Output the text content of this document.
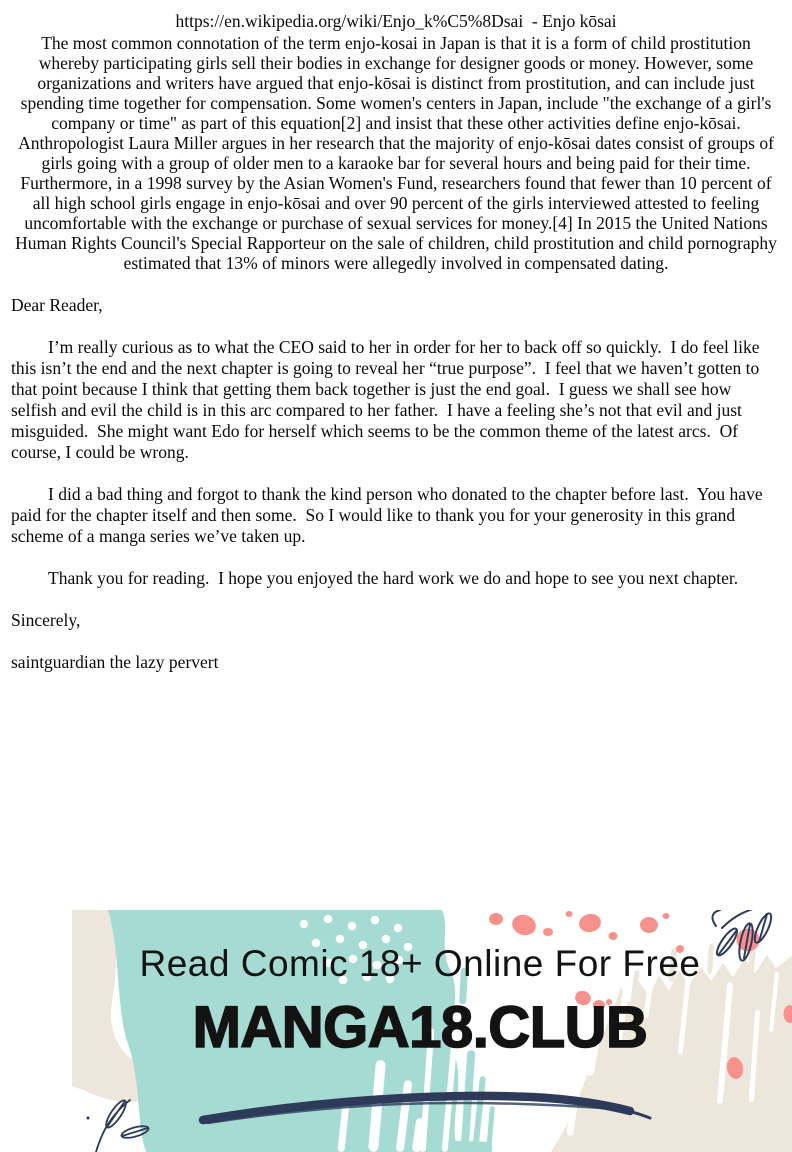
https://en.wikipedia.org/wiki/Enjo_k%C5%8Dsai  - Enjo kōsai

The most common connotation of the term enjo-kosai in Japan is that it is a form of child prostitution whereby participating girls sell their bodies in exchange for designer goods or money. However, some organizations and writers have argued that enjo-kōsai is distinct from prostitution, and can include just spending time together for compensation. Some women's centers in Japan, include "the exchange of a girl's company or time" as part of this equation[2] and insist that these other activities define enjo-kōsai. Anthropologist Laura Miller argues in her research that the majority of enjo-kōsai dates consist of groups of girls going with a group of older men to a karaoke bar for several hours and being paid for their time. Furthermore, in a 1998 survey by the Asian Women's Fund, researchers found that fewer than 10 percent of all high school girls engage in enjo-kōsai and over 90 percent of the girls interviewed attested to feeling uncomfortable with the exchange or purchase of sexual services for money.[4] In 2015 the United Nations Human Rights Council's Special Rapporteur on the sale of children, child prostitution and child pornography estimated that 13% of minors were allegedly involved in compensated dating.

Dear Reader,

I’m really curious as to what the CEO said to her in order for her to back off so quickly.  I do feel like this isn’t the end and the next chapter is going to reveal her “true purpose”.  I feel that we haven’t gotten to that point because I think that getting them back together is just the end goal.  I guess we shall see how selfish and evil the child is in this arc compared to her father.  I have a feeling she’s not that evil and just misguided.  She might want Edo for herself which seems to be the common theme of the latest arcs.  Of course, I could be wrong.

I did a bad thing and forgot to thank the kind person who donated to the chapter before last.  You have paid for the chapter itself and then some.  So I would like to thank you for your generosity in this grand scheme of a manga series we’ve taken up.

Thank you for reading.  I hope you enjoyed the hard work we do and hope to see you next chapter.

Sincerely,

saintguardian the lazy pervert

Read Comic 18+ Online For Free
MANGA18.CLUB
